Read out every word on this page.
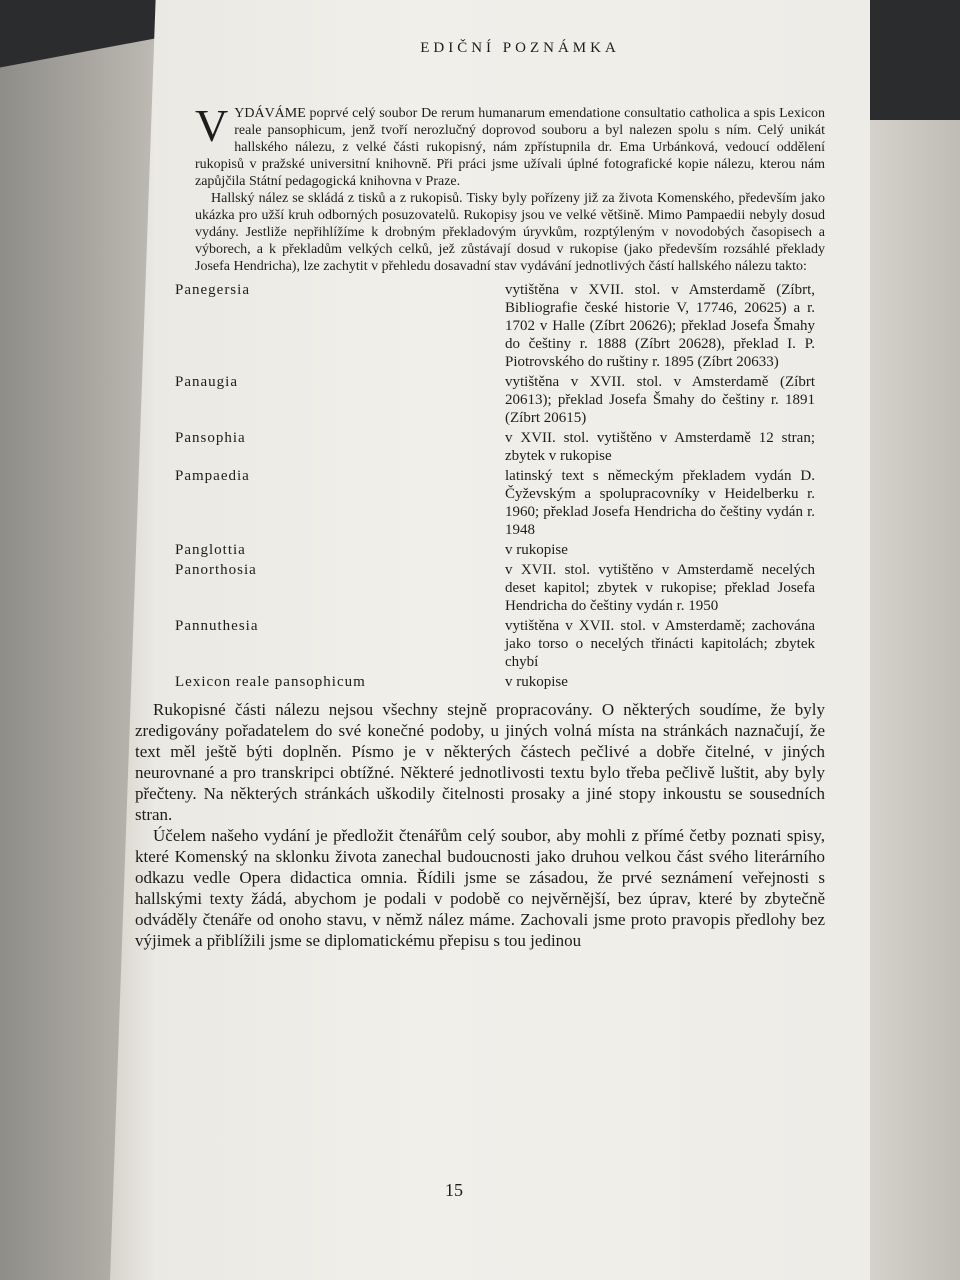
EDIČNÍ POZNÁMKA

V YDÁVÁME poprvé celý soubor De rerum humanarum emendatione consultatio catholica a spis Lexicon reale pansophicum, jenž tvoří nerozlučný doprovod souboru a byl nalezen spolu s ním. Celý unikát hallského nálezu, z velké části rukopisný, nám zpřístupnila dr. Ema Urbánková, vedoucí oddělení rukopisů v pražské universitní knihovně. Při práci jsme užívali úplné fotografické kopie nálezu, kterou nám zapůjčila Státní pedagogická knihovna v Praze.

Hallský nález se skládá z tisků a z rukopisů. Tisky byly pořízeny již za života Komenského, především jako ukázka pro užší kruh odborných posuzovatelů. Rukopisy jsou ve velké většině. Mimo Pampaedii nebyly dosud vydány. Jestliže nepřihlížíme k drobným překladovým úryvkům, rozptýleným v novodobých časopisech a výborech, a k překladům velkých celků, jež zůstávají dosud v rukopise (jako především rozsáhlé překlady Josefa Hendricha), lze zachytit v přehledu dosavadní stav vydávání jednotlivých částí hallského nálezu takto:

Panegersia	vytištěna v XVII. stol. v Amsterdamě (Zíbrt, Bibliografie české historie V, 17746, 20625) a r. 1702 v Halle (Zíbrt 20626); překlad Josefa Šmahy do češtiny r. 1888 (Zíbrt 20628), překlad I. P. Piotrovského do ruštiny r. 1895 (Zíbrt 20633)
Panaugia	vytištěna v XVII. stol. v Amsterdamě (Zíbrt 20613); překlad Josefa Šmahy do češtiny r. 1891 (Zíbrt 20615)
Pansophia	v XVII. stol. vytištěno v Amsterdamě 12 stran; zbytek v rukopise
Pampaedia	latinský text s německým překladem vydán D. Čyževským a spolupracovníky v Heidelberku r. 1960; překlad Josefa Hendricha do češtiny vydán r. 1948
Panglottia	v rukopise
Panorthosia	v XVII. stol. vytištěno v Amsterdamě necelých deset kapitol; zbytek v rukopise; překlad Josefa Hendricha do češtiny vydán r. 1950
Pannuthesia	vytištěna v XVII. stol. v Amsterdamě; zachována jako torso o necelých třinácti kapitolách; zbytek chybí
Lexicon reale pansophicum	v rukopise

Rukopisné části nálezu nejsou všechny stejně propracovány. O některých soudíme, že byly zredigovány pořadatelem do své konečné podoby, u jiných volná místa na stránkách naznačují, že text měl ještě býti doplněn. Písmo je v některých částech pečlivé a dobře čitelné, v jiných neurovnané a pro transkripci obtížné. Některé jednotlivosti textu bylo třeba pečlivě luštit, aby byly přečteny. Na některých stránkách uškodily čitelnosti prosaky a jiné stopy inkoustu se sousedních stran.

Účelem našeho vydání je předložit čtenářům celý soubor, aby mohli z přímé četby poznati spisy, které Komenský na sklonku života zanechal budoucnosti jako druhou velkou část svého literárního odkazu vedle Opera didactica omnia. Řídili jsme se zásadou, že prvé seznámení veřejnosti s hallskými texty žádá, abychom je podali v podobě co nejvěrnější, bez úprav, které by zbytečně odváděly čtenáře od onoho stavu, v němž nález máme. Zachovali jsme proto pravopis předlohy bez výjimek a přiblížili jsme se diplomatickému přepisu s tou jedinou

15
